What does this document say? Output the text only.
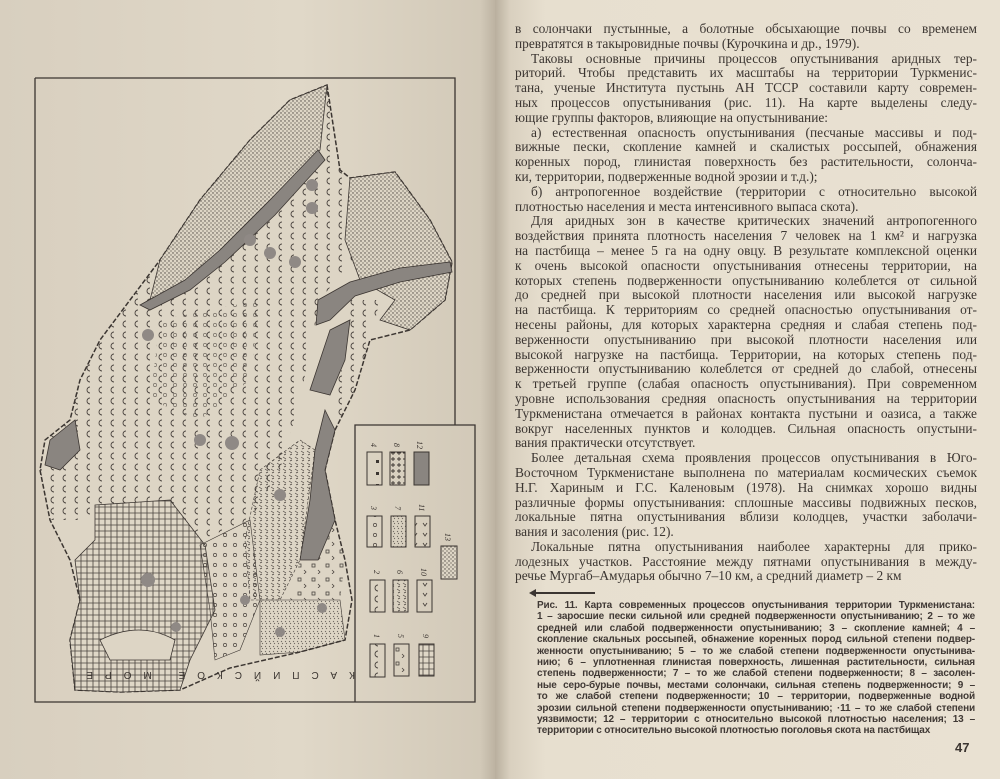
КАСПИЙСКОЕ МОРЕ
4 8 12
3 7 11
13
2 6 10
1 5 9
в солончаки пустынные, а болотные обсыхающие почвы со временем
превратятся в такыровидные почвы (Курочкина и др., 1979).
Таковы основные причины процессов опустынивания аридных тер-
риторий. Чтобы представить их масштабы на территории Туркменис-
тана, ученые Института пустынь АН ТССР составили карту современ-
ных процессов опустынивания (рис. 11). На карте выделены следу-
ющие группы факторов, влияющие на опустынивание:
а) естественная опасность опустынивания (песчаные массивы и под-
вижные пески, скопление камней и скалистых россыпей, обнажения
коренных пород, глинистая поверхность без растительности, солонча-
ки, территории, подверженные водной эрозии и т.д.);
б) антропогенное воздействие (территории с относительно высокой
плотностью населения и места интенсивного выпаса скота).
Для аридных зон в качестве критических значений антропогенного
воздействия принята плотность населения 7 человек на 1 км² и нагрузка
на пастбища – менее 5 га на одну овцу. В результате комплексной оценки
к очень высокой опасности опустынивания отнесены территории, на
которых степень подверженности опустыниванию колеблется от сильной
до средней при высокой плотности населения или высокой нагрузке
на пастбища. К территориям со средней опасностью опустынивания от-
несены районы, для которых характерна средняя и слабая степень под-
верженности опустыниванию при высокой плотности населения или
высокой нагрузке на пастбища. Территории, на которых степень под-
верженности опустыниванию колеблется от средней до слабой, отнесены
к третьей группе (слабая опасность опустынивания). При современном
уровне использования средняя опасность опустынивания на территории
Туркменистана отмечается в районах контакта пустыни и оазиса, а также
вокруг населенных пунктов и колодцев. Сильная опасность опустыни-
вания практически отсутствует.
Более детальная схема проявления процессов опустынивания в Юго-
Восточном Туркменистане выполнена по материалам космических съемок
Н.Г. Хариным и Г.С. Каленовым (1978). На снимках хорошо видны
различные формы опустынивания: сплошные массивы подвижных песков,
локальные пятна опустынивания вблизи колодцев, участки заболачи-
вания и засоления (рис. 12).
Локальные пятна опустынивания наиболее характерны для прико-
лодезных участков. Расстояние между пятнами опустынивания в между-
речье Мургаб–Амударья обычно 7–10 км, а средний диаметр – 2 км
Рис. 11. Карта современных процессов опустынивания территории Туркменистана:
1 – заросшие пески сильной или средней подверженности опустыниванию; 2 – то же
средней или слабой подверженности опустыниванию; 3 – скопление камней; 4 –
скопление скальных россыпей, обнажение коренных пород сильной степени подвер-
женности опустыниванию; 5 – то же слабой степени подверженности опустынива-
нию; 6 – уплотненная глинистая поверхность, лишенная растительности, сильная
степень подверженности; 7 – то же слабой степени подверженности; 8 – засолен-
ные серо-бурые почвы, местами солончаки, сильная степень подверженности; 9 –
то же слабой степени подверженности; 10 – территории, подверженные водной
эрозии сильной степени подверженности опустыниванию; ·11 – то же слабой степени
уязвимости; 12 – территории с относительно высокой плотностью населения; 13 –
территории с относительно высокой плотностью поголовья скота на пастбищах
47
